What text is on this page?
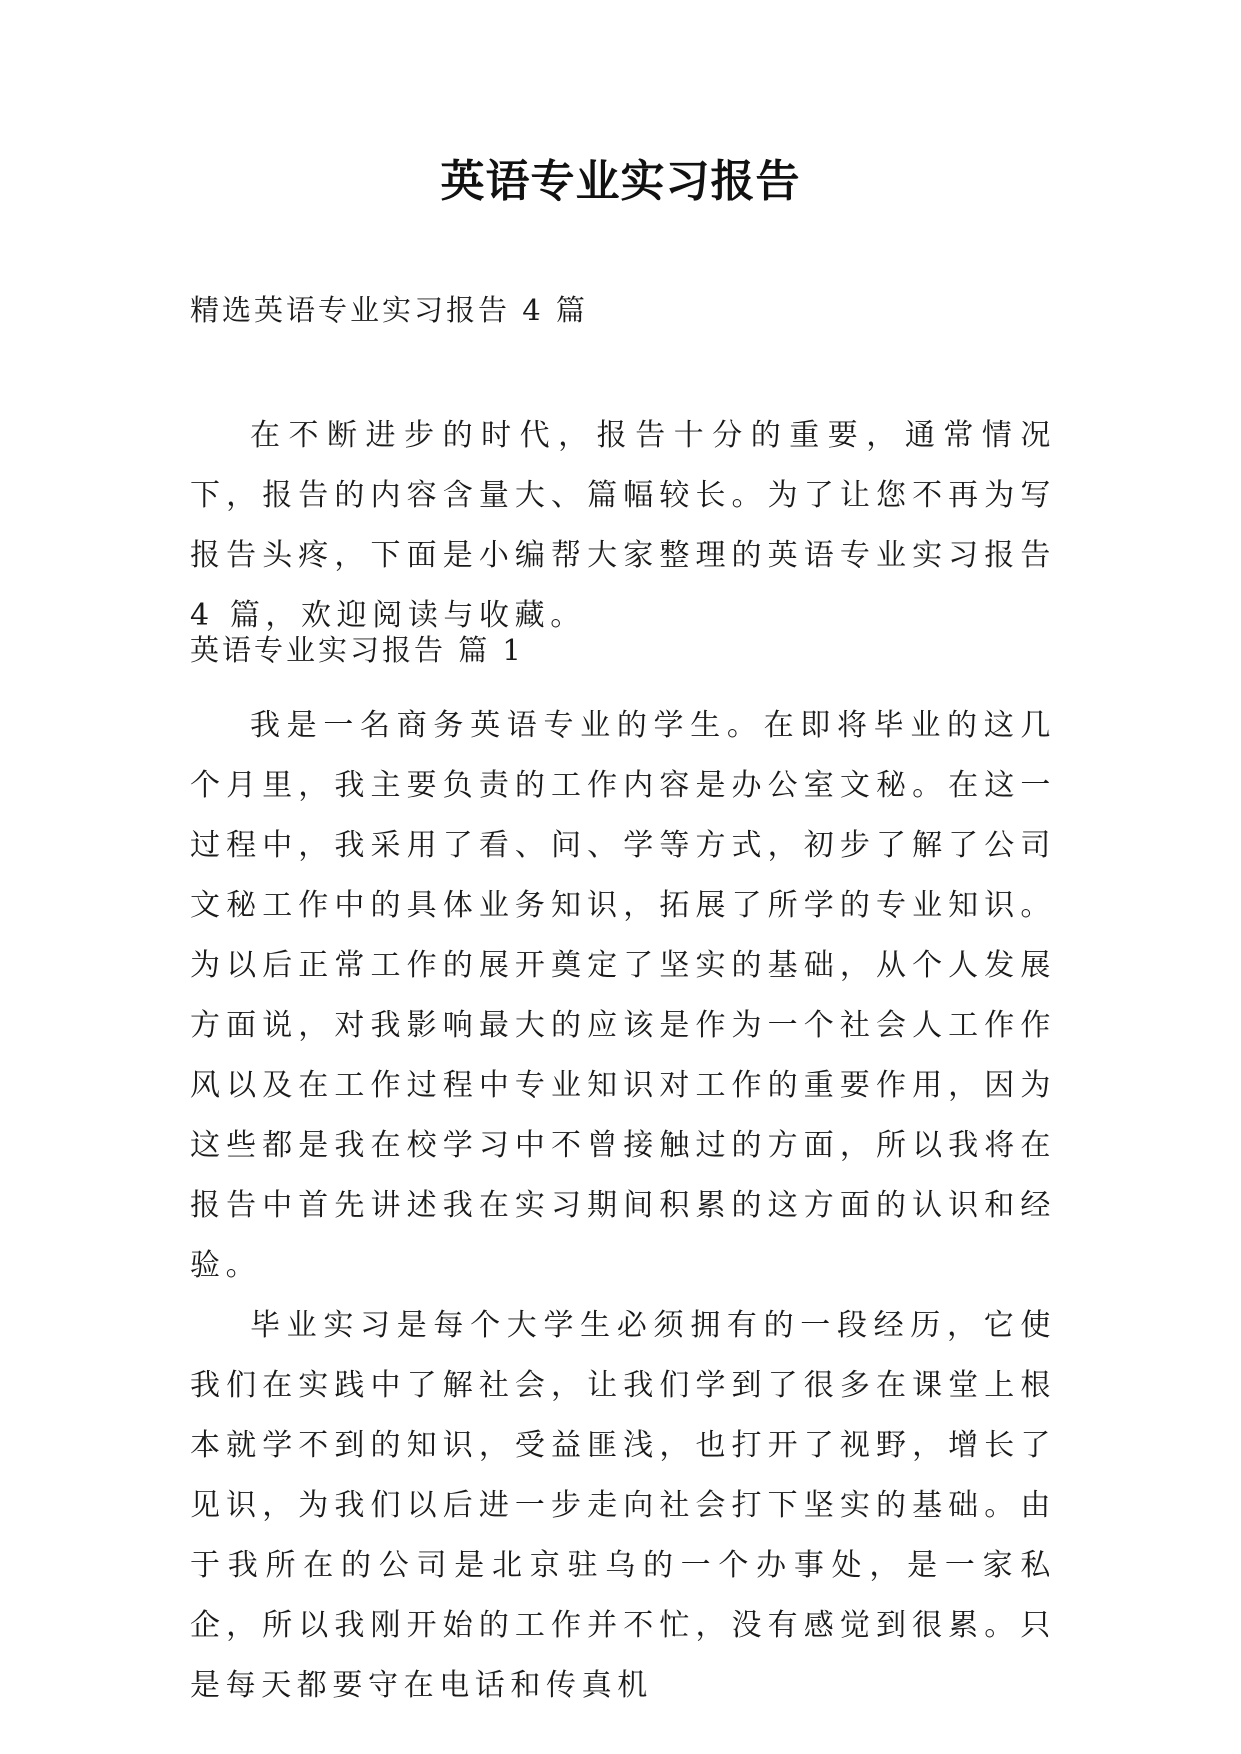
英语专业实习报告
精选英语专业实习报告 4 篇

在不断进步的时代，报告十分的重要，通常情况下，报告的内容含量大、篇幅较长。为了让您不再为写报告头疼，下面是小编帮大家整理的英语专业实习报告 4 篇，欢迎阅读与收藏。

英语专业实习报告 篇 1

我是一名商务英语专业的学生。在即将毕业的这几个月里，我主要负责的工作内容是办公室文秘。在这一过程中，我采用了看、问、学等方式，初步了解了公司文秘工作中的具体业务知识，拓展了所学的专业知识。为以后正常工作的展开奠定了坚实的基础，从个人发展方面说，对我影响最大的应该是作为一个社会人工作作风以及在工作过程中专业知识对工作的重要作用，因为这些都是我在校学习中不曾接触过的方面，所以我将在报告中首先讲述我在实习期间积累的这方面的认识和经验。

毕业实习是每个大学生必须拥有的一段经历，它使我们在实践中了解社会，让我们学到了很多在课堂上根本就学不到的知识，受益匪浅，也打开了视野，增长了见识，为我们以后进一步走向社会打下坚实的基础。由于我所在的公司是北京驻乌的一个办事处，是一家私企，所以我刚开始的工作并不忙，没有感觉到很累。只是每天都要守在电话和传真机
